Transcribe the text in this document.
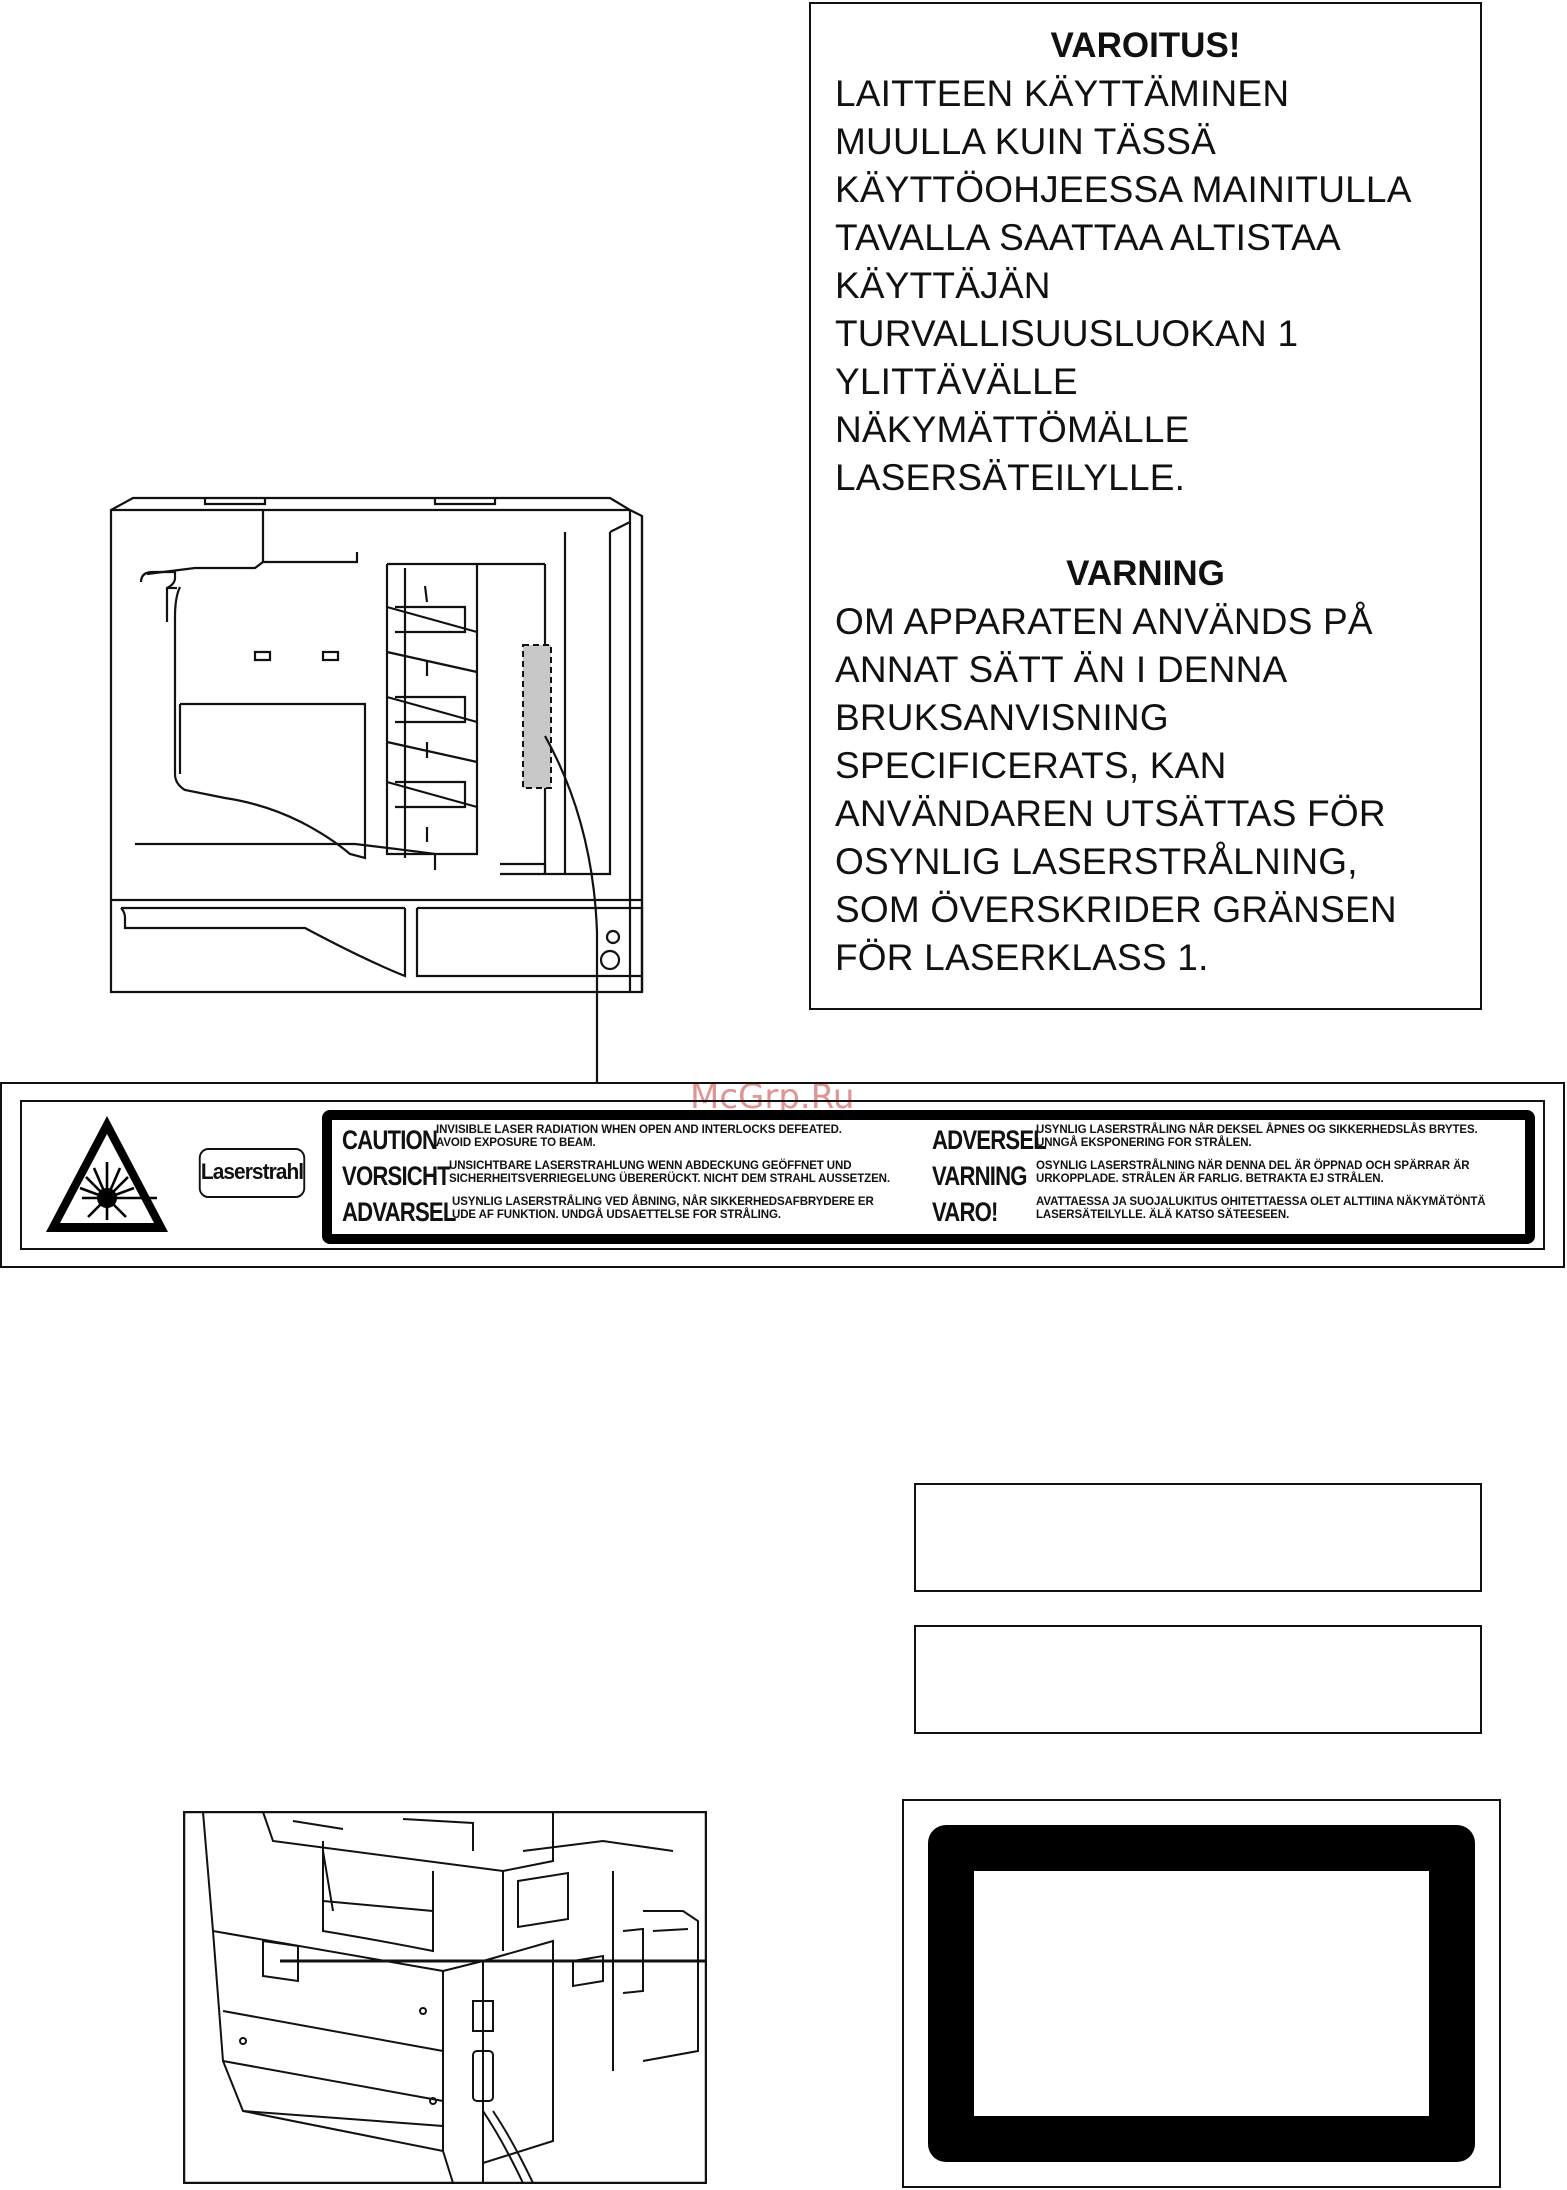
VAROITUS!
LAITTEEN KÄYTTÄMINEN
MUULLA KUIN TÄSSÄ
KÄYTTÖOHJEESSA MAINITULLA
TAVALLA SAATTAA ALTISTAA
KÄYTTÄJÄN
TURVALLISUUSLUOKAN 1
YLITTÄVÄLLE
NÄKYMÄTTÖMÄLLE
LASERSÄTEILYLLE.
VARNING
OM APPARATEN ANVÄNDS PÅ
ANNAT SÄTT ÄN I DENNA
BRUKSANVISNING
SPECIFICERATS, KAN
ANVÄNDAREN UTSÄTTAS FÖR
OSYNLIG LASERSTRÅLNING,
SOM ÖVERSKRIDER GRÄNSEN
FÖR LASERKLASS 1.
McGrp.Ru
Laserstrahl
CAUTION
INVISIBLE LASER RADIATION WHEN OPEN AND INTERLOCKS DEFEATED.
AVOID EXPOSURE TO BEAM.
VORSICHT UNSICHTBARE LASERSTRAHLUNG WENN ABDECKUNG GEÖFFNET UND
SICHERHEITSVERRIEGELUNG ÜBERERÜCKT. NICHT DEM STRAHL AUSSETZEN.
ADVARSEL
USYNLIG LASERSTRÅLING VED ÅBNING, NÅR SIKKERHEDSAFBRYDERE ER
UDE AF FUNKTION. UNDGÅ UDSAETTELSE FOR STRÅLING.
ADVERSEL
USYNLIG LASERSTRÅLING NÅR DEKSEL ÅPNES OG SIKKERHEDSLÅS BRYTES.
UNNGÅ EKSPONERING FOR STRÅLEN.
VARNING OSYNLIG LASERSTRÅLNING NÄR DENNA DEL ÄR ÖPPNAD OCH SPÄRRAR ÄR
URKOPPLADE. STRÅLEN ÄR FARLIG. BETRAKTA EJ STRÅLEN.
VARO!	AVATTAESSA JA SUOJALUKITUS OHITETTAESSA OLET ALTTIINA NÄKYMÄTÖNTÄ
LASERSÄTEILYLLE. ÄLÄ KATSO SÄTEESEEN.
